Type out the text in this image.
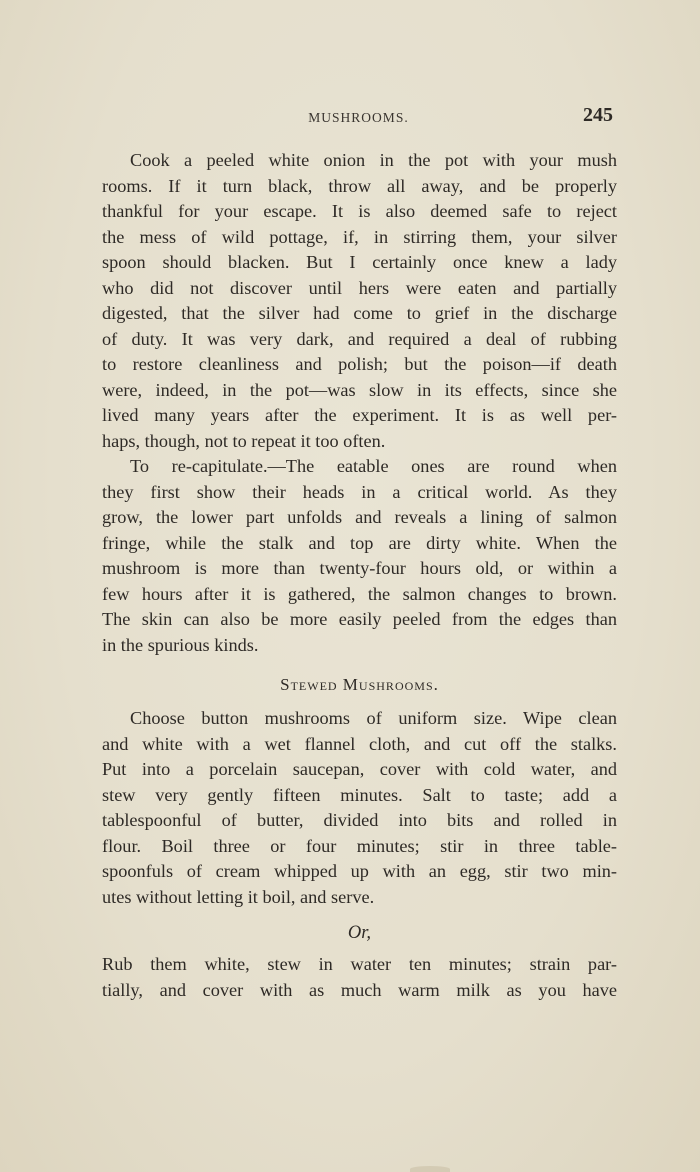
MUSHROOMS.	245
Cook a peeled white onion in the pot with your mush
rooms. If it turn black, throw all away, and be properly
thankful for your escape. It is also deemed safe to reject
the mess of wild pottage, if, in stirring them, your silver
spoon should blacken. But I certainly once knew a lady
who did not discover until hers were eaten and partially
digested, that the silver had come to grief in the discharge
of duty. It was very dark, and required a deal of rubbing
to restore cleanliness and polish; but the poison—if death
were, indeed, in the pot—was slow in its effects, since she
lived many years after the experiment. It is as well per-
haps, though, not to repeat it too often.
To re-capitulate.—The eatable ones are round when
they first show their heads in a critical world. As they
grow, the lower part unfolds and reveals a lining of salmon
fringe, while the stalk and top are dirty white. When the
mushroom is more than twenty-four hours old, or within a
few hours after it is gathered, the salmon changes to brown.
The skin can also be more easily peeled from the edges than
in the spurious kinds.
Stewed Mushrooms.
Choose button mushrooms of uniform size. Wipe clean
and white with a wet flannel cloth, and cut off the stalks.
Put into a porcelain saucepan, cover with cold water, and
stew very gently fifteen minutes. Salt to taste; add a
tablespoonful of butter, divided into bits and rolled in
flour. Boil three or four minutes; stir in three table-
spoonfuls of cream whipped up with an egg, stir two min-
utes without letting it boil, and serve.
Or,
Rub them white, stew in water ten minutes; strain par-
tially, and cover with as much warm milk as you have
